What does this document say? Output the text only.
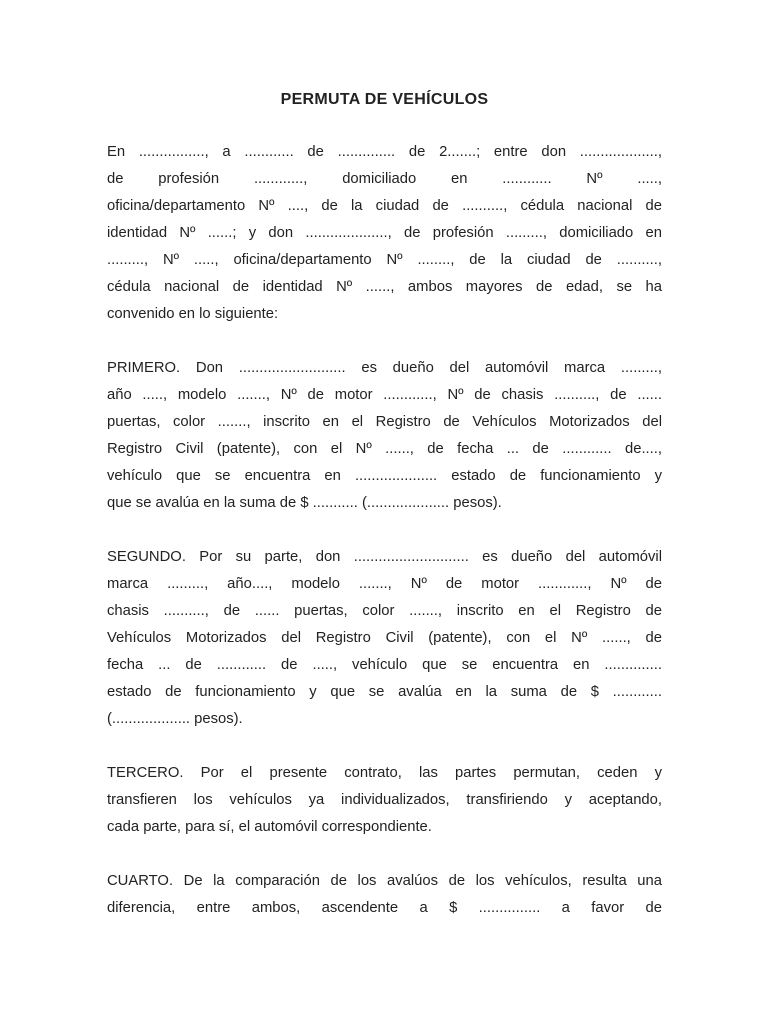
PERMUTA DE VEHÍCULOS

En ................, a ............ de .............. de 2.......; entre don ...................,
de profesión ............, domiciliado en ............ Nº .....,
oficina/departamento Nº ...., de la ciudad de .........., cédula nacional de
identidad Nº ......; y don ...................., de profesión ........., domiciliado en
........., Nº ....., oficina/departamento Nº ........, de la ciudad de ..........,
cédula nacional de identidad Nº ......, ambos mayores de edad, se ha
convenido en lo siguiente:

PRIMERO. Don .......................... es dueño del automóvil marca .........,
año ....., modelo ......., Nº de motor ............, Nº de chasis .........., de ......
puertas, color ......., inscrito en el Registro de Vehículos Motorizados del
Registro Civil (patente), con el Nº ......, de fecha ... de ............ de....,
vehículo que se encuentra en .................... estado de funcionamiento y
que se avalúa en la suma de $ ........... (.................... pesos).

SEGUNDO. Por su parte, don ............................ es dueño del automóvil
marca ........., año...., modelo ......., Nº de motor ............, Nº de
chasis .........., de ...... puertas, color ......., inscrito en el Registro de
Vehículos Motorizados del Registro Civil (patente), con el Nº ......, de
fecha ... de ............ de ....., vehículo que se encuentra en ..............
estado de funcionamiento y que se avalúa en la suma de $ ............
(................... pesos).

TERCERO. Por el presente contrato, las partes permutan, ceden y
transfieren los vehículos ya individualizados, transfiriendo y aceptando,
cada parte, para sí, el automóvil correspondiente.

CUARTO. De la comparación de los avalúos de los vehículos, resulta una
diferencia, entre ambos, ascendente a $ ............... a favor de
